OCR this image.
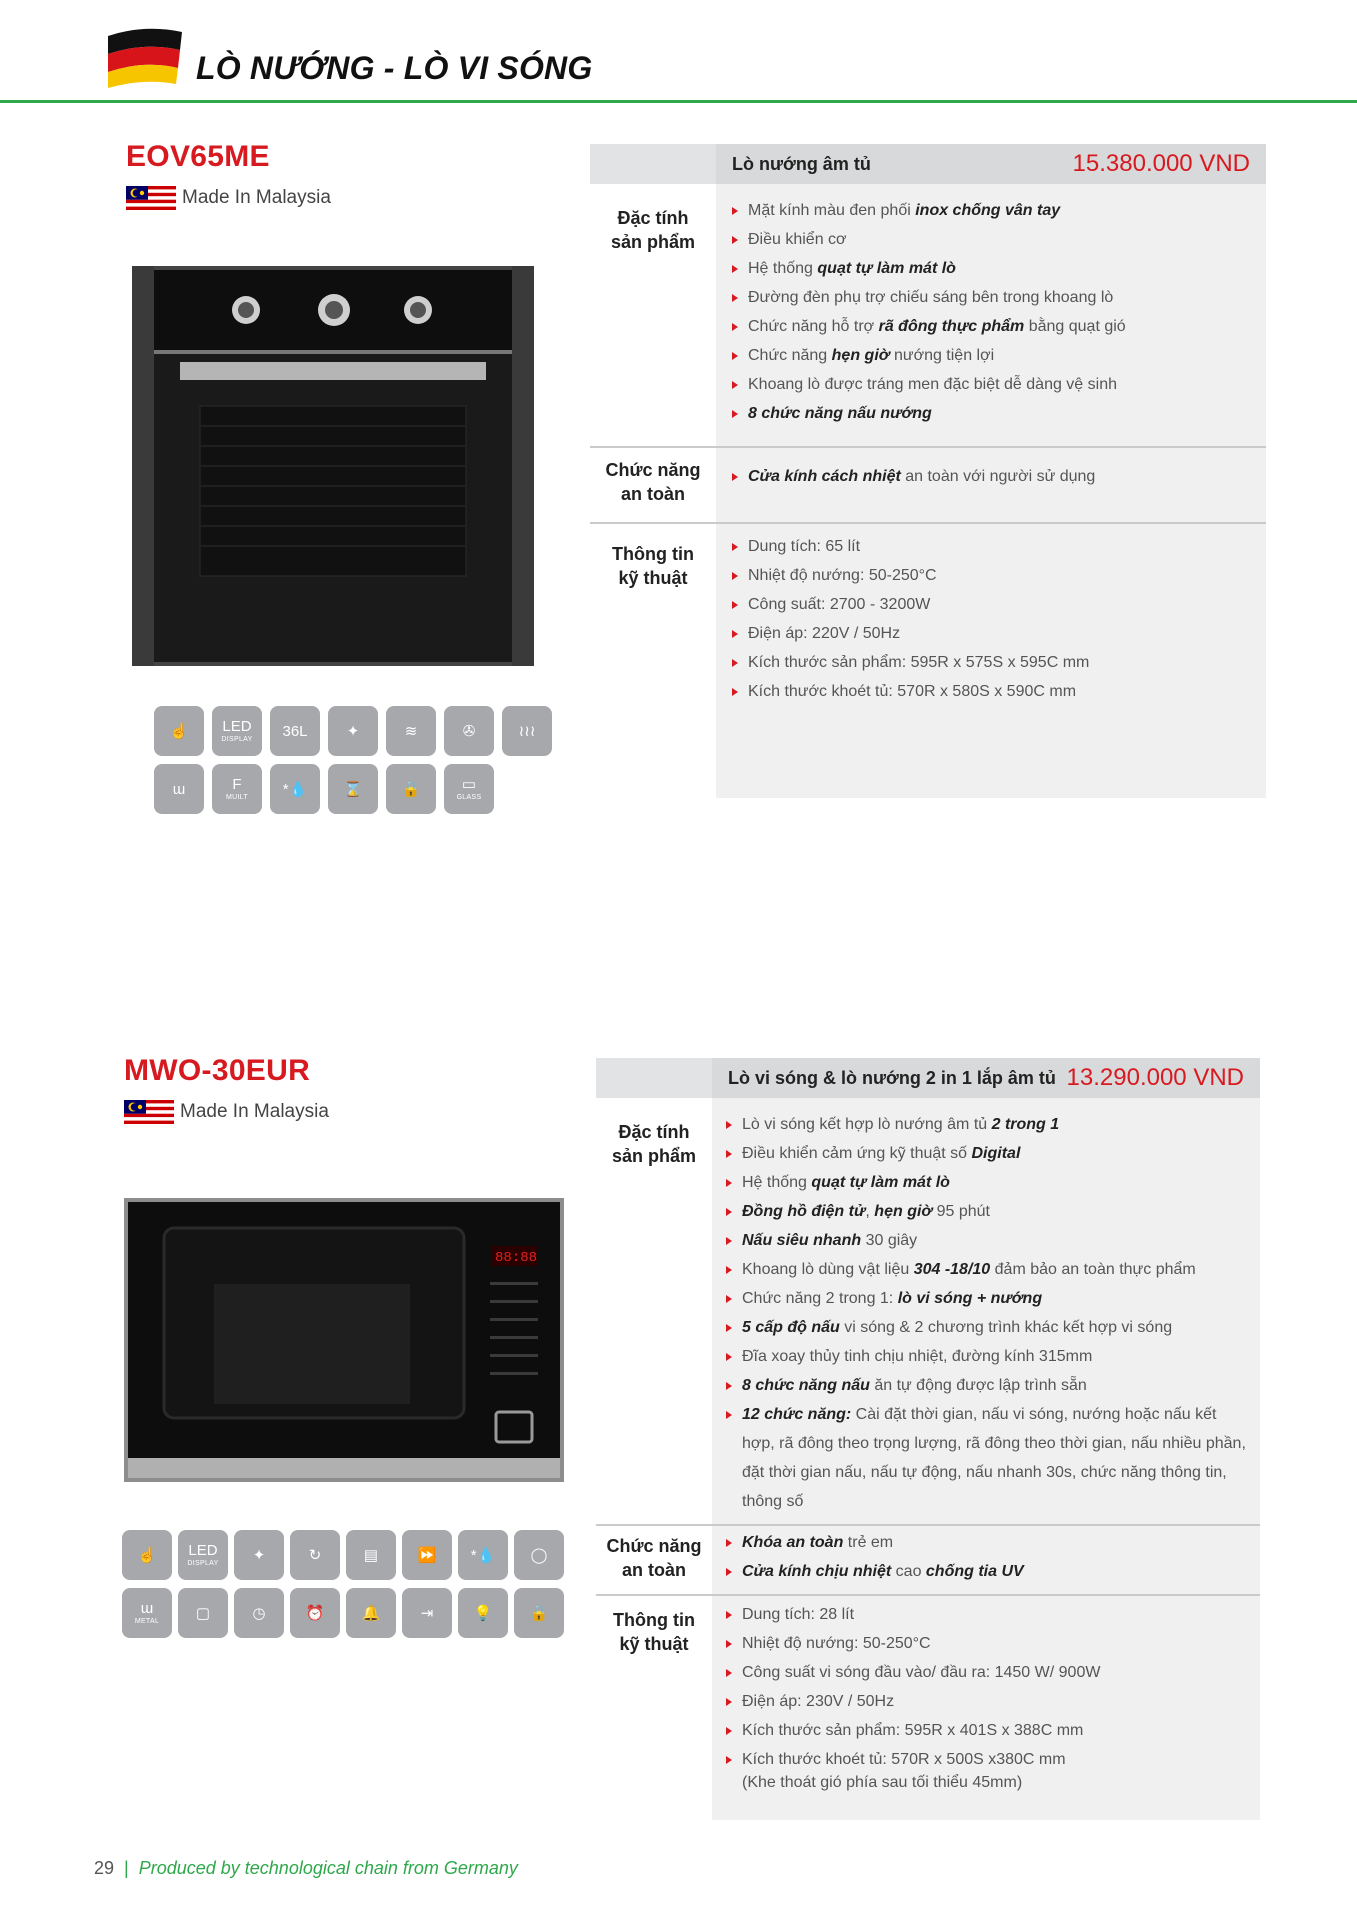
LÒ NƯỚNG - LÒ VI SÓNG
EOV65ME
Made In Malaysia
☝ LED
DISPLAY 36L	✦	≋	✇	≀≀≀
ɯ	F
MUILT *💧 ⌛	🔒	▭
GLASS
Lò nướng âm tủ	15.380.000 VND
Đặc tính
sản phẩm
Mặt kính màu đen phối inox chống vân tay
Điều khiển cơ
Hệ thống quạt tự làm mát lò
Đường đèn phụ trợ chiếu sáng bên trong khoang lò
Chức năng hỗ trợ rã đông thực phẩm bằng quạt gió
Chức năng hẹn giờ nướng tiện lợi
Khoang lò được tráng men đặc biệt dễ dàng vệ sinh
8 chức năng nấu nướng
Chức năng
an toàn
Cửa kính cách nhiệt an toàn với người sử dụng
Thông tin
kỹ thuật
Dung tích: 65 lít
Nhiệt độ nướng: 50-250°C
Công suất: 2700 - 3200W
Điện áp: 220V / 50Hz
Kích thước sản phẩm: 595R x 575S x 595C mm
Kích thước khoét tủ: 570R x 580S x 590C mm
MWO-30EUR
Made In Malaysia
88:88
☝ LED
DISPLAY ✦	↻	▤	⏩ *💧 ◯
ɯ
METAL ▢	◷	⏰ 🔔	⇥	💡 🔒
Lò vi sóng & lò nướng 2 in 1 lắp âm tủ 13.290.000 VND
Đặc tính
sản phẩm
Lò vi sóng kết hợp lò nướng âm tủ 2 trong 1
Điều khiển cảm ứng kỹ thuật số Digital
Hệ thống quạt tự làm mát lò
Đồng hồ điện tử, hẹn giờ 95 phút
Nấu siêu nhanh 30 giây
Khoang lò dùng vật liệu 304 -18/10 đảm bảo an toàn thực phẩm
Chức năng 2 trong 1: lò vi sóng + nướng
5 cấp độ nấu vi sóng & 2 chương trình khác kết hợp vi sóng
Đĩa xoay thủy tinh chịu nhiệt, đường kính 315mm
8 chức năng nấu ăn tự động được lập trình sẵn
12 chức năng: Cài đặt thời gian, nấu vi sóng, nướng hoặc nấu kết hợp, rã đông theo trọng lượng, rã đông theo thời gian, nấu nhiều phần, đặt thời gian nấu, nấu tự động, nấu nhanh 30s, chức năng thông tin, thông số
Chức năng
an toàn
Khóa an toàn trẻ em
Cửa kính chịu nhiệt cao chống tia UV
Thông tin
kỹ thuật
Dung tích: 28 lít
Nhiệt độ nướng: 50-250°C
Công suất vi sóng đầu vào/ đầu ra: 1450 W/ 900W
Điện áp: 230V / 50Hz
Kích thước sản phẩm: 595R x 401S x 388C mm
Kích thước khoét tủ: 570R x 500S x380C mm
(Khe thoát gió phía sau tối thiểu 45mm)
29 | Produced by technological chain from Germany
